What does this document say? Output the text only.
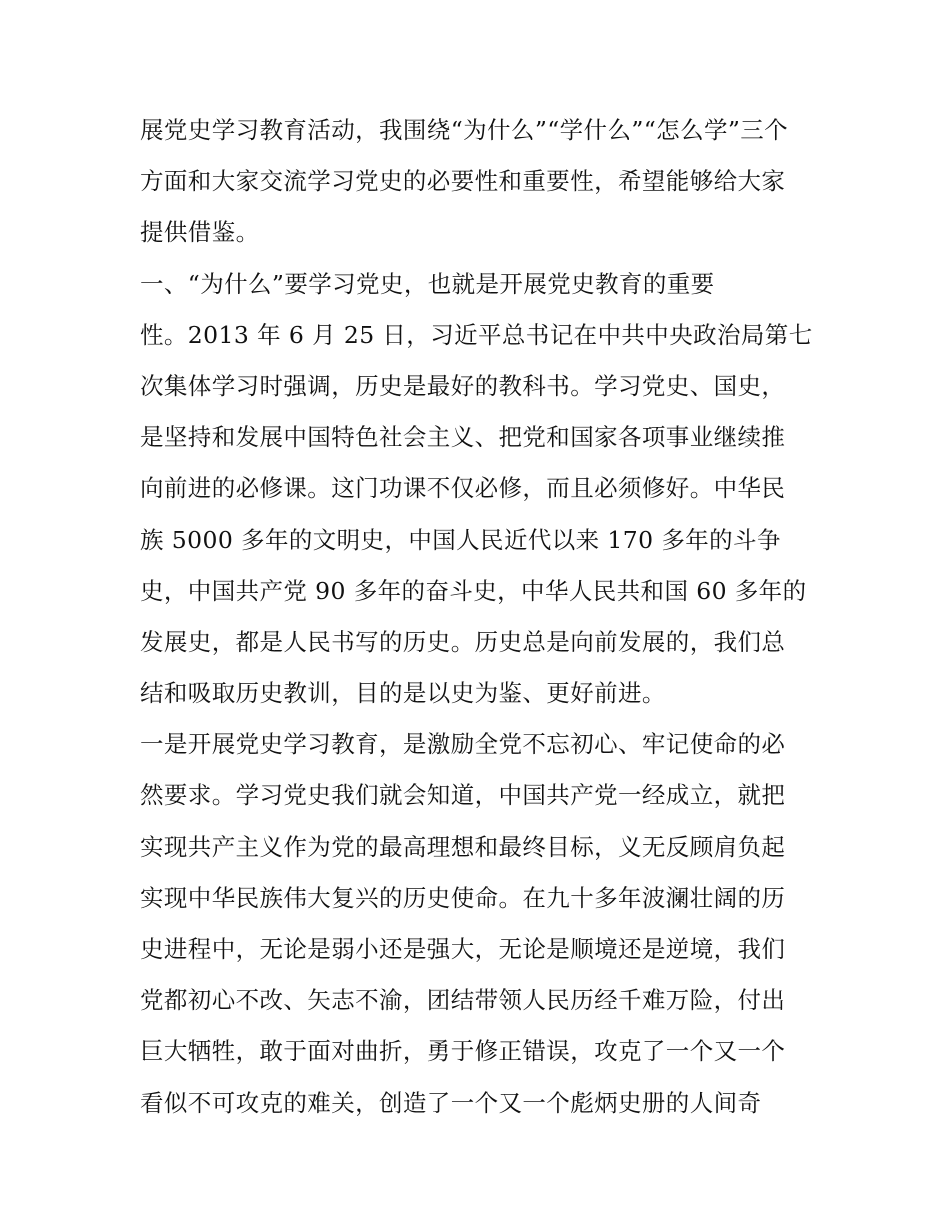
展党史学习教育活动，我围绕“为什么”“学什么”“怎么学”三个
方面和大家交流学习党史的必要性和重要性，希望能够给大家
提供借鉴。
一、“为什么”要学习党史，也就是开展党史教育的重要
性。2013 年 6 月 25 日，习近平总书记在中共中央政治局第七
次集体学习时强调，历史是最好的教科书。学习党史、国史，
是坚持和发展中国特色社会主义、把党和国家各项事业继续推
向前进的必修课。这门功课不仅必修，而且必须修好。中华民
族 5000 多年的文明史，中国人民近代以来 170 多年的斗争
史，中国共产党 90 多年的奋斗史，中华人民共和国 60 多年的
发展史，都是人民书写的历史。历史总是向前发展的，我们总
结和吸取历史教训，目的是以史为鉴、更好前进。
一是开展党史学习教育，是激励全党不忘初心、牢记使命的必
然要求。学习党史我们就会知道，中国共产党一经成立，就把
实现共产主义作为党的最高理想和最终目标，义无反顾肩负起
实现中华民族伟大复兴的历史使命。在九十多年波澜壮阔的历
史进程中，无论是弱小还是强大，无论是顺境还是逆境，我们
党都初心不改、矢志不渝，团结带领人民历经千难万险，付出
巨大牺牲，敢于面对曲折，勇于修正错误，攻克了一个又一个
看似不可攻克的难关，创造了一个又一个彪炳史册的人间奇
